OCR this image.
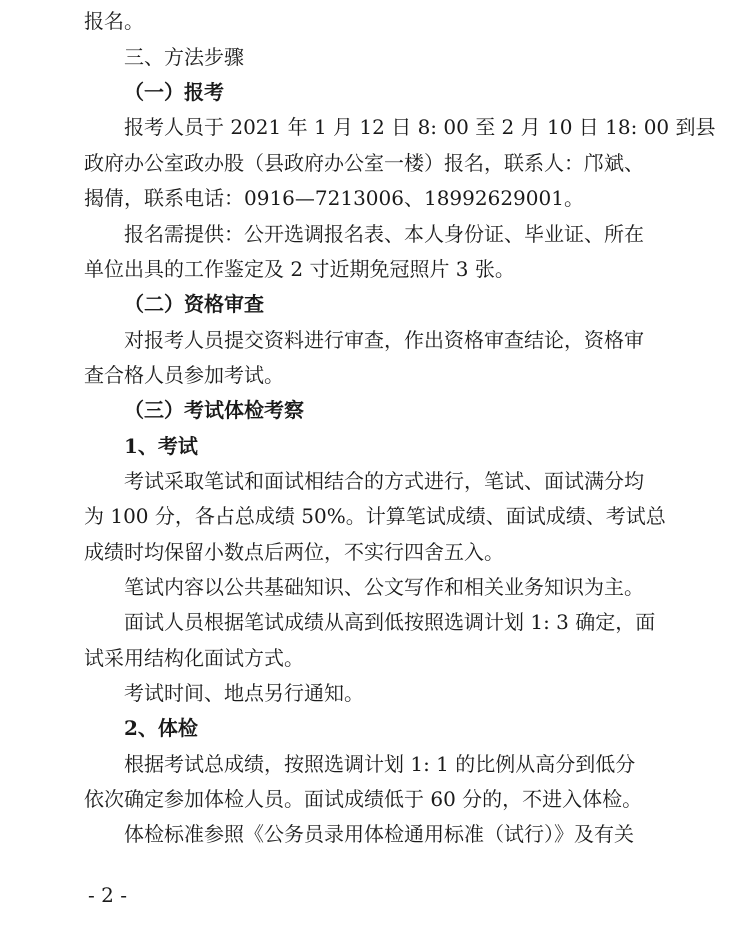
报名。
三、方法步骤
（一）报考
报考人员于 2021 年 1 月 12 日 8: 00 至 2 月 10 日 18: 00 到县
政府办公室政办股（县政府办公室一楼）报名，联系人：邝斌、
揭倩，联系电话：0916—7213006、18992629001。
报名需提供：公开选调报名表、本人身份证、毕业证、所在
单位出具的工作鉴定及 2 寸近期免冠照片 3 张。
（二）资格审查
对报考人员提交资料进行审查，作出资格审查结论，资格审
查合格人员参加考试。
（三）考试体检考察
1、考试
考试采取笔试和面试相结合的方式进行，笔试、面试满分均
为 100 分，各占总成绩 50%。计算笔试成绩、面试成绩、考试总
成绩时均保留小数点后两位，不实行四舍五入。
笔试内容以公共基础知识、公文写作和相关业务知识为主。
面试人员根据笔试成绩从高到低按照选调计划 1: 3 确定，面
试采用结构化面试方式。
考试时间、地点另行通知。
2、体检
根据考试总成绩，按照选调计划 1: 1 的比例从高分到低分
依次确定参加体检人员。面试成绩低于 60 分的，不进入体检。
体检标准参照《公务员录用体检通用标准（试行）》及有关
- 2 -
